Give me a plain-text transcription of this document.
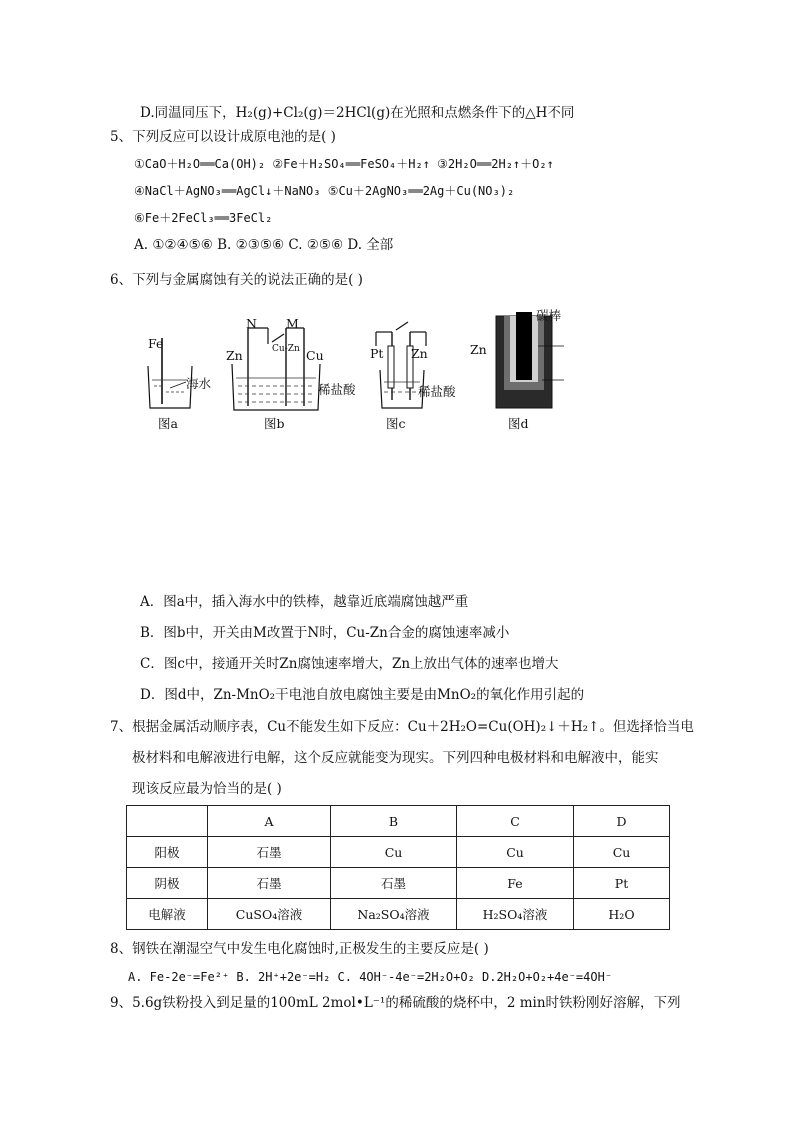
D.同温同压下，H₂(g)+Cl₂(g)＝2HCl(g)在光照和点燃条件下的△H不同
5、下列反应可以设计成原电池的是( )
①CaO＋H₂O══Ca(OH)₂ ②Fe＋H₂SO₄══FeSO₄＋H₂↑ ③2H₂O══2H₂↑＋O₂↑
④NaCl＋AgNO₃══AgCl↓＋NaNO₃ ⑤Cu＋2AgNO₃══2Ag＋Cu(NO₃)₂
⑥Fe＋2FeCl₃══3FeCl₂
A. ①②④⑤⑥ B. ②③⑤⑥ C. ②⑤⑥ D. 全部
6、下列与金属腐蚀有关的说法正确的是( )
Fe
海水
图a
N M
Zn	Cu-Zn Cu
稀盐酸
图b
Pt Zn
稀盐酸
图c
碳棒
Zn
图d
A．图a中，插入海水中的铁棒，越靠近底端腐蚀越严重
B．图b中，开关由M改置于N时，Cu-Zn合金的腐蚀速率减小
C．图c中，接通开关时Zn腐蚀速率增大，Zn上放出气体的速率也增大
D．图d中，Zn-MnO₂干电池自放电腐蚀主要是由MnO₂的氧化作用引起的
7、根据金属活动顺序表，Cu不能发生如下反应：Cu＋2H₂O=Cu(OH)₂↓＋H₂↑。但选择恰当电
极材料和电解液进行电解，这个反应就能变为现实。下列四种电极材料和电解液中，能实
现该反应最为恰当的是( )
	A	B	C	D
阳极	石墨	Cu	Cu	Cu
阴极	石墨	石墨	Fe	Pt
电解液	CuSO₄溶液	Na₂SO₄溶液	H₂SO₄溶液	H₂O
8、钢铁在潮湿空气中发生电化腐蚀时,正极发生的主要反应是( )
A. Fe-2e⁻=Fe²⁺ B. 2H⁺+2e⁻=H₂ C. 4OH⁻-4e⁻=2H₂O+O₂ D.2H₂O+O₂+4e⁻=4OH⁻
9、5.6g铁粉投入到足量的100mL 2mol•L⁻¹的稀硫酸的烧杯中，2 min时铁粉刚好溶解，下列
